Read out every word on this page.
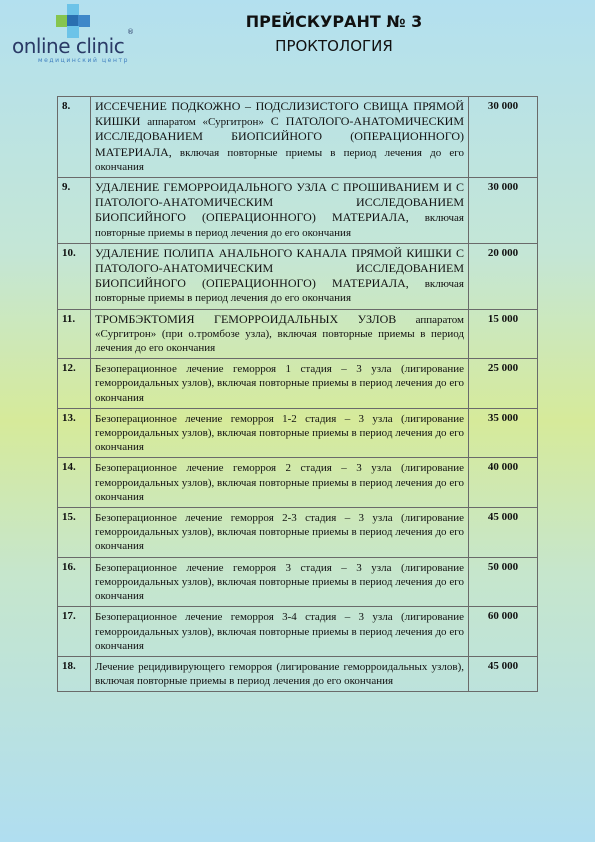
online clinic
®
медицинский центр
ПРЕЙСКУРАНТ № 3
ПРОКТОЛОГИЯ
8.	ИССЕЧЕНИЕ ПОДКОЖНО – ПОДСЛИЗИСТОГО СВИЩА ПРЯМОЙ КИШКИ аппаратом «Сургитрон» С ПАТОЛОГО-АНАТОМИЧЕСКИМ ИССЛЕДОВАНИЕМ БИОПСИЙНОГО (ОПЕРАЦИОННОГО) МАТЕРИАЛА, включая повторные приемы в период лечения до его окончания	30 000
9.	УДАЛЕНИЕ ГЕМОРРОИДАЛЬНОГО УЗЛА С ПРОШИВАНИЕМ И С ПАТОЛОГО-АНАТОМИЧЕСКИМ ИССЛЕДОВАНИЕМ БИОПСИЙНОГО (ОПЕРАЦИОННОГО) МАТЕРИАЛА, включая повторные приемы в период лечения до его окончания	30 000
10.	УДАЛЕНИЕ ПОЛИПА АНАЛЬНОГО КАНАЛА ПРЯМОЙ КИШКИ С ПАТОЛОГО-АНАТОМИЧЕСКИМ ИССЛЕДОВАНИЕМ БИОПСИЙНОГО (ОПЕРАЦИОННОГО) МАТЕРИАЛА, включая повторные приемы в период лечения до его окончания	20 000
11.	ТРОМБЭКТОМИЯ ГЕМОРРОИДАЛЬНЫХ УЗЛОВ аппаратом «Сургитрон» (при о.тромбозе узла), включая повторные приемы в период лечения до его окончания	15 000
12.	Безоперационное лечение геморроя 1 стадия – 3 узла (лигирование геморроидальных узлов), включая повторные приемы в период лечения до его окончания	25 000
13.	Безоперационное лечение геморроя 1-2 стадия – 3 узла (лигирование геморроидальных узлов), включая повторные приемы в период лечения до его окончания	35 000
14.	Безоперационное лечение геморроя 2 стадия – 3 узла (лигирование геморроидальных узлов), включая повторные приемы в период лечения до его окончания	40 000
15.	Безоперационное лечение геморроя 2-3 стадия – 3 узла (лигирование геморроидальных узлов), включая повторные приемы в период лечения до его окончания	45 000
16.	Безоперационное лечение геморроя 3 стадия – 3 узла (лигирование геморроидальных узлов), включая повторные приемы в период лечения до его окончания	50 000
17.	Безоперационное лечение геморроя 3-4 стадия – 3 узла (лигирование геморроидальных узлов), включая повторные приемы в период лечения до его окончания	60 000
18.	Лечение рецидивирующего геморроя (лигирование геморроидальных узлов), включая повторные приемы в период лечения до его окончания	45 000
